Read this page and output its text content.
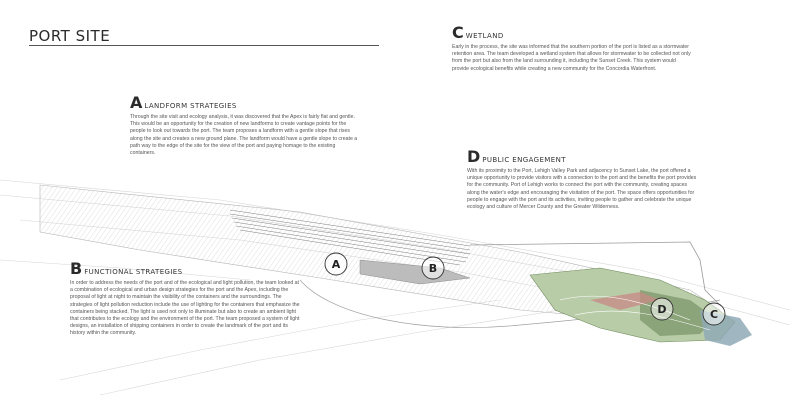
PORT SITE
A LANDFORM STRATEGIES
Through the site visit and ecology analysis, it was discovered that the Apex is fairly flat and gentle. This would be an opportunity for the creation of new landforms to create vantage points for the people to look out towards the port. The team proposes a landform with a gentle slope that rises along the site and creates a new ground plane. The landform would have a gentle slope to create a path way to the edge of the site for the view of the port and paying homage to the existing containers.
C WETLAND
Early in the process, the site was informed that the southern portion of the port is listed as a stormwater retention area. The team developed a wetland system that allows for stormwater to be collected not only from the port but also from the land surrounding it, including the Sunset Creek. This system would provide ecological benefits while creating a new community for the Concordia Waterfront.
D PUBLIC ENGAGEMENT
With its proximity to the Port, Lehigh Valley Park and adjacency to Sunset Lake, the port offered a unique opportunity to provide visitors with a connection to the port and the benefits the port provides for the community. Port of Lehigh works to connect the port with the community, creating spaces along the water's edge and encouraging the visitation of the port. The space offers opportunities for people to engage with the port and its activities, inviting people to gather and celebrate the unique ecology and culture of Mercer County and the Greater Wilderness.
A	B
D	C
B FUNCTIONAL STRATEGIES
In order to address the needs of the port and of the ecological and light pollution, the team looked at a combination of ecological and urban design strategies for the port and the Apex, including the proposal of light at night to maintain the visibility of the containers and the surroundings. The strategies of light pollution reduction include the use of lighting for the containers that emphasize the containers being stacked. The light is used not only to illuminate but also to create an ambient light that contributes to the ecology and the environment of the port. The team proposed a system of light designs, an installation of shipping containers in order to create the landmark of the port and its history within the community.
